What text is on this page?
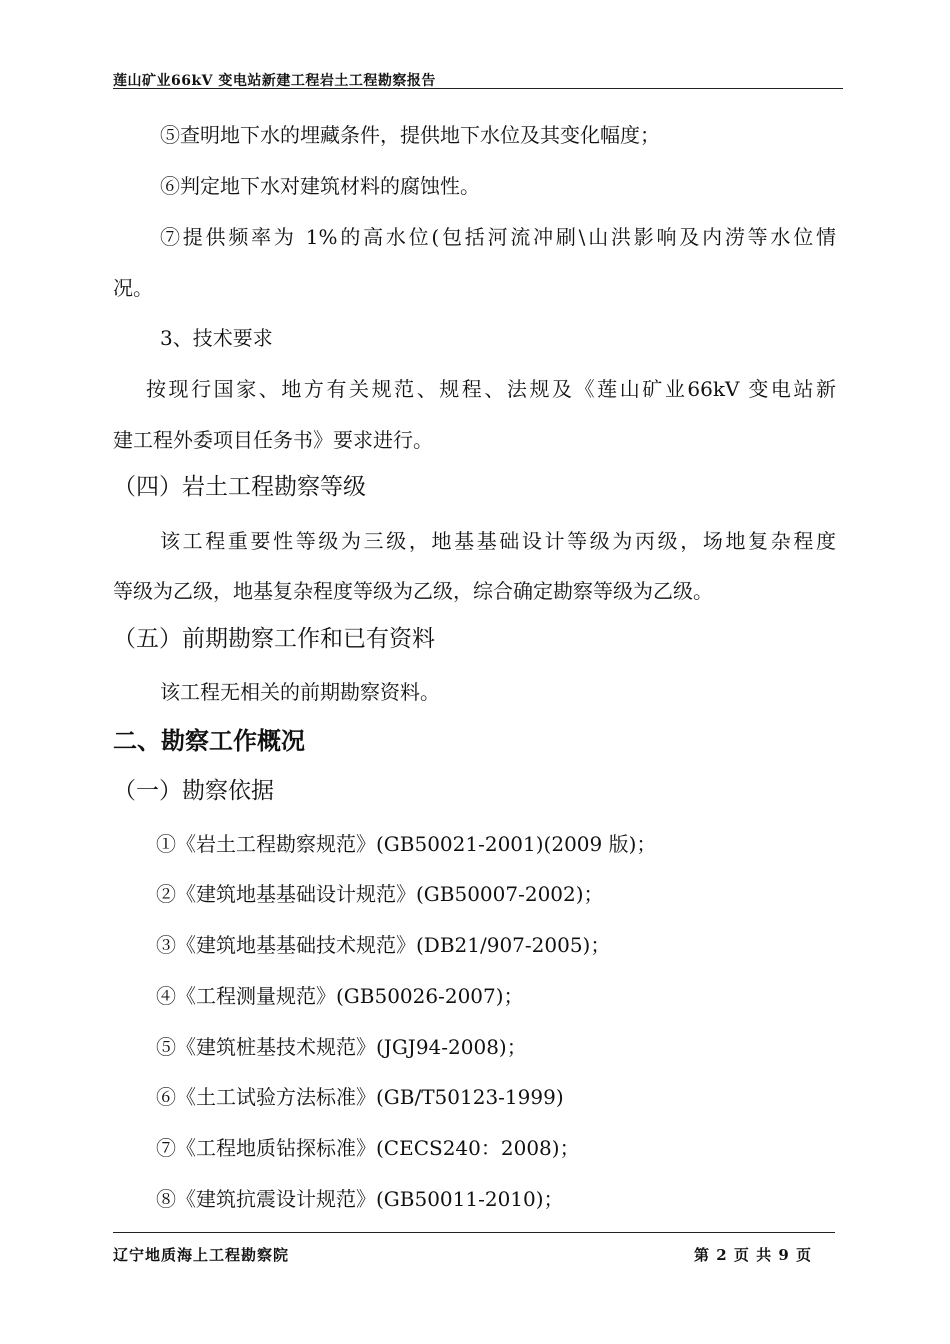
莲山矿业66kV 变电站新建工程岩土工程勘察报告
⑤查明地下水的埋藏条件，提供地下水位及其变化幅度；
⑥判定地下水对建筑材料的腐蚀性。
⑦提供频率为 1%的高水位(包括河流冲刷\山洪影响及内涝等水位情
况。
3、技术要求
按现行国家、地方有关规范、规程、法规及《莲山矿业66kV 变电站新
建工程外委项目任务书》要求进行。
（四）岩土工程勘察等级
该工程重要性等级为三级，地基基础设计等级为丙级，场地复杂程度
等级为乙级，地基复杂程度等级为乙级，综合确定勘察等级为乙级。
（五）前期勘察工作和已有资料
该工程无相关的前期勘察资料。
二、勘察工作概况
（一）勘察依据
①《岩土工程勘察规范》(GB50021-2001)(2009 版)；
②《建筑地基基础设计规范》(GB50007-2002)；
③《建筑地基基础技术规范》(DB21/907-2005)；
④《工程测量规范》(GB50026-2007)；
⑤《建筑桩基技术规范》(JGJ94-2008)；
⑥《土工试验方法标准》(GB/T50123-1999)
⑦《工程地质钻探标准》(CECS240：2008)；
⑧《建筑抗震设计规范》(GB50011-2010)；
辽宁地质海上工程勘察院	第 2 页 共 9 页
